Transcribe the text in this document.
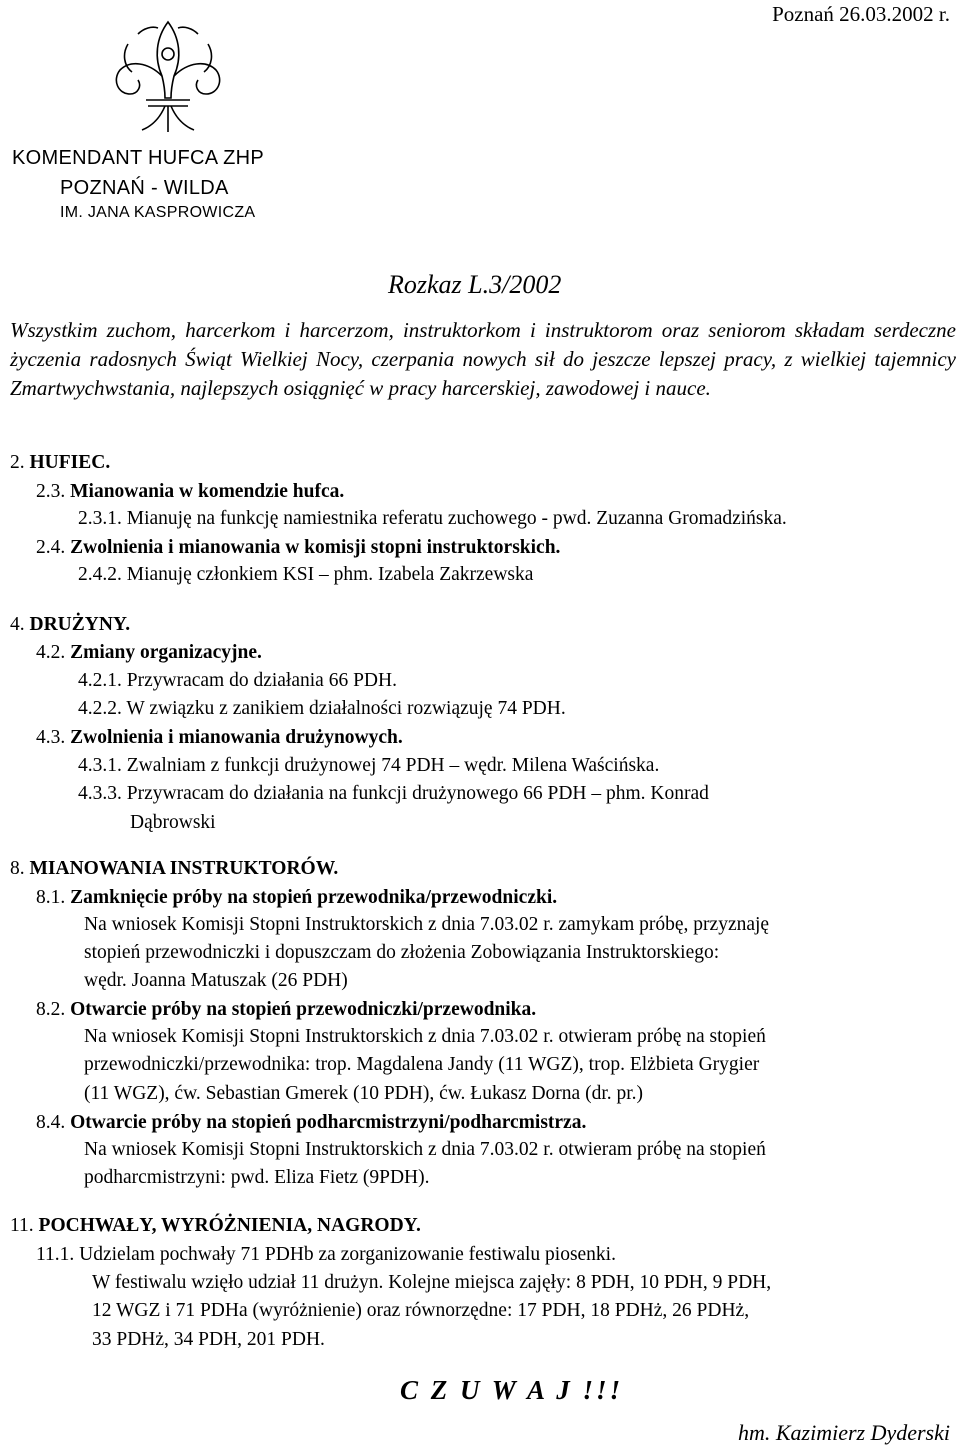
Poznań 26.03.2002 r.
KOMENDANT HUFCA ZHP
POZNAŃ - WILDA
IM. JANA KASPROWICZA
Rozkaz L.3/2002
Wszystkim zuchom, harcerkom i harcerzom, instruktorkom i instruktorom oraz seniorom składam serdeczne życzenia radosnych Świąt Wielkiej Nocy, czerpania nowych sił do jeszcze lepszej pracy, z wielkiej tajemnicy Zmartwychwstania, najlepszych osiągnięć w pracy harcerskiej, zawodowej i nauce.
2. HUFIEC.
2.3. Mianowania w komendzie hufca.
2.3.1. Mianuję na funkcję namiestnika referatu zuchowego - pwd. Zuzanna Gromadzińska.
2.4. Zwolnienia i mianowania w komisji stopni instruktorskich.
2.4.2. Mianuję członkiem KSI – phm. Izabela Zakrzewska
4. DRUŻYNY.
4.2. Zmiany organizacyjne.
4.2.1. Przywracam do działania 66 PDH.
4.2.2. W związku z zanikiem działalności rozwiązuję 74 PDH.
4.3. Zwolnienia i mianowania drużynowych.
4.3.1. Zwalniam z funkcji drużynowej 74 PDH – wędr. Milena Waścińska.
4.3.3. Przywracam do działania na funkcji drużynowego 66 PDH – phm. Konrad
Dąbrowski
8. MIANOWANIA INSTRUKTORÓW.
8.1. Zamknięcie próby na stopień przewodnika/przewodniczki.
Na wniosek Komisji Stopni Instruktorskich z dnia 7.03.02 r. zamykam próbę, przyznaję
stopień przewodniczki i dopuszczam do złożenia Zobowiązania Instruktorskiego:
wędr. Joanna Matuszak (26 PDH)
8.2. Otwarcie próby na stopień przewodniczki/przewodnika.
Na wniosek Komisji Stopni Instruktorskich z dnia 7.03.02 r. otwieram próbę na stopień
przewodniczki/przewodnika: trop. Magdalena Jandy (11 WGZ), trop. Elżbieta Grygier
(11 WGZ), ćw. Sebastian Gmerek (10 PDH), ćw. Łukasz Dorna (dr. pr.)
8.4. Otwarcie próby na stopień podharcmistrzyni/podharcmistrza.
Na wniosek Komisji Stopni Instruktorskich z dnia 7.03.02 r. otwieram próbę na stopień
podharcmistrzyni: pwd. Eliza Fietz (9PDH).
11. POCHWAŁY, WYRÓŻNIENIA, NAGRODY.
11.1. Udzielam pochwały 71 PDHb za zorganizowanie festiwalu piosenki.
W festiwalu wzięło udział 11 drużyn. Kolejne miejsca zajęły: 8 PDH, 10 PDH, 9 PDH,
12 WGZ i 71 PDHa (wyróżnienie) oraz równorzędne: 17 PDH, 18 PDHż, 26 PDHż,
33 PDHż, 34 PDH, 201 PDH.
C Z U W A J !!!
hm. Kazimierz Dyderski
